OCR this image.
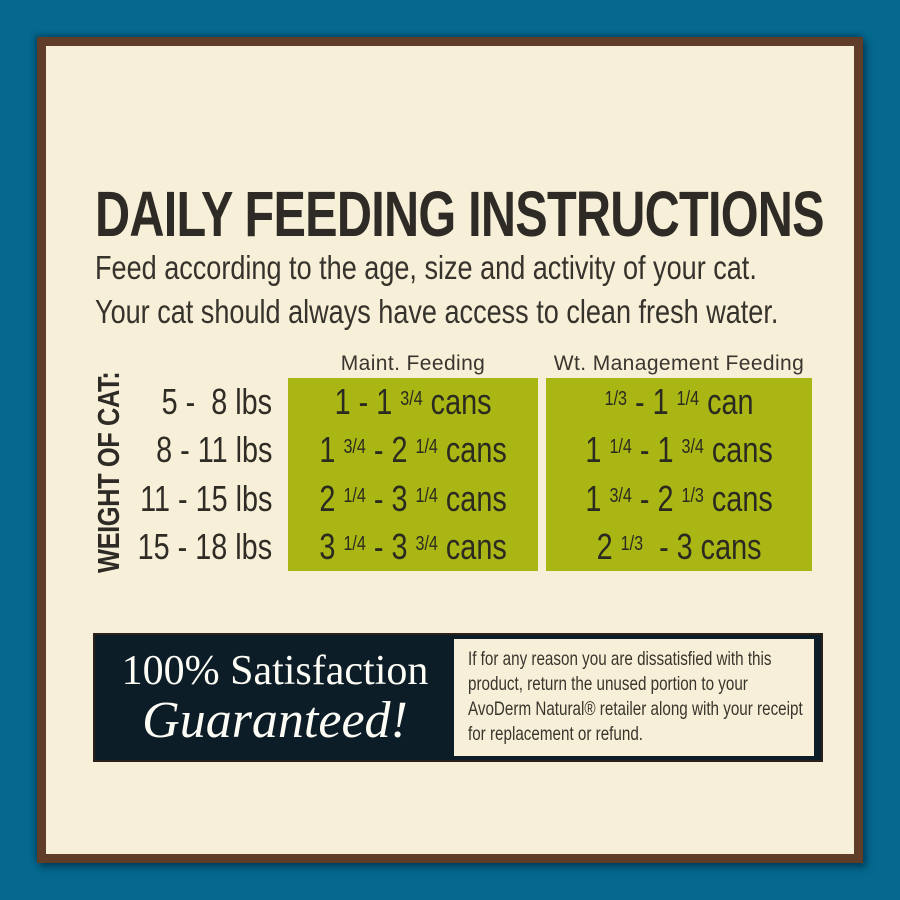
DAILY FEEDING INSTRUCTIONS
Feed according to the age, size and activity of your cat.
Your cat should always have access to clean fresh water.
Maint. Feeding	Wt. Management Feeding
WEIGHT OF CAT: 5 -  8 lbs
8 - 11 lbs
11 - 15 lbs
15 - 18 lbs
1 - 1 $^{3/4}$ cans
1 $^{3/4}$ - 2 $^{1/4}$ cans
2 $^{1/4}$ - 3 $^{1/4}$ cans
3 $^{1/4}$ - 3 $^{3/4}$ cans
$^{1/3}$ - 1 $^{1/4}$ can
1 $^{1/4}$ - 1 $^{3/4}$ cans
1 $^{3/4}$ - 2 $^{1/3}$ cans
2 $^{1/3}$  - 3 cans
100% Satisfaction
Guaranteed!
If for any reason you are dissatisfied with this
product, return the unused portion to your
AvoDerm Natural® retailer along with your receipt
for replacement or refund.
